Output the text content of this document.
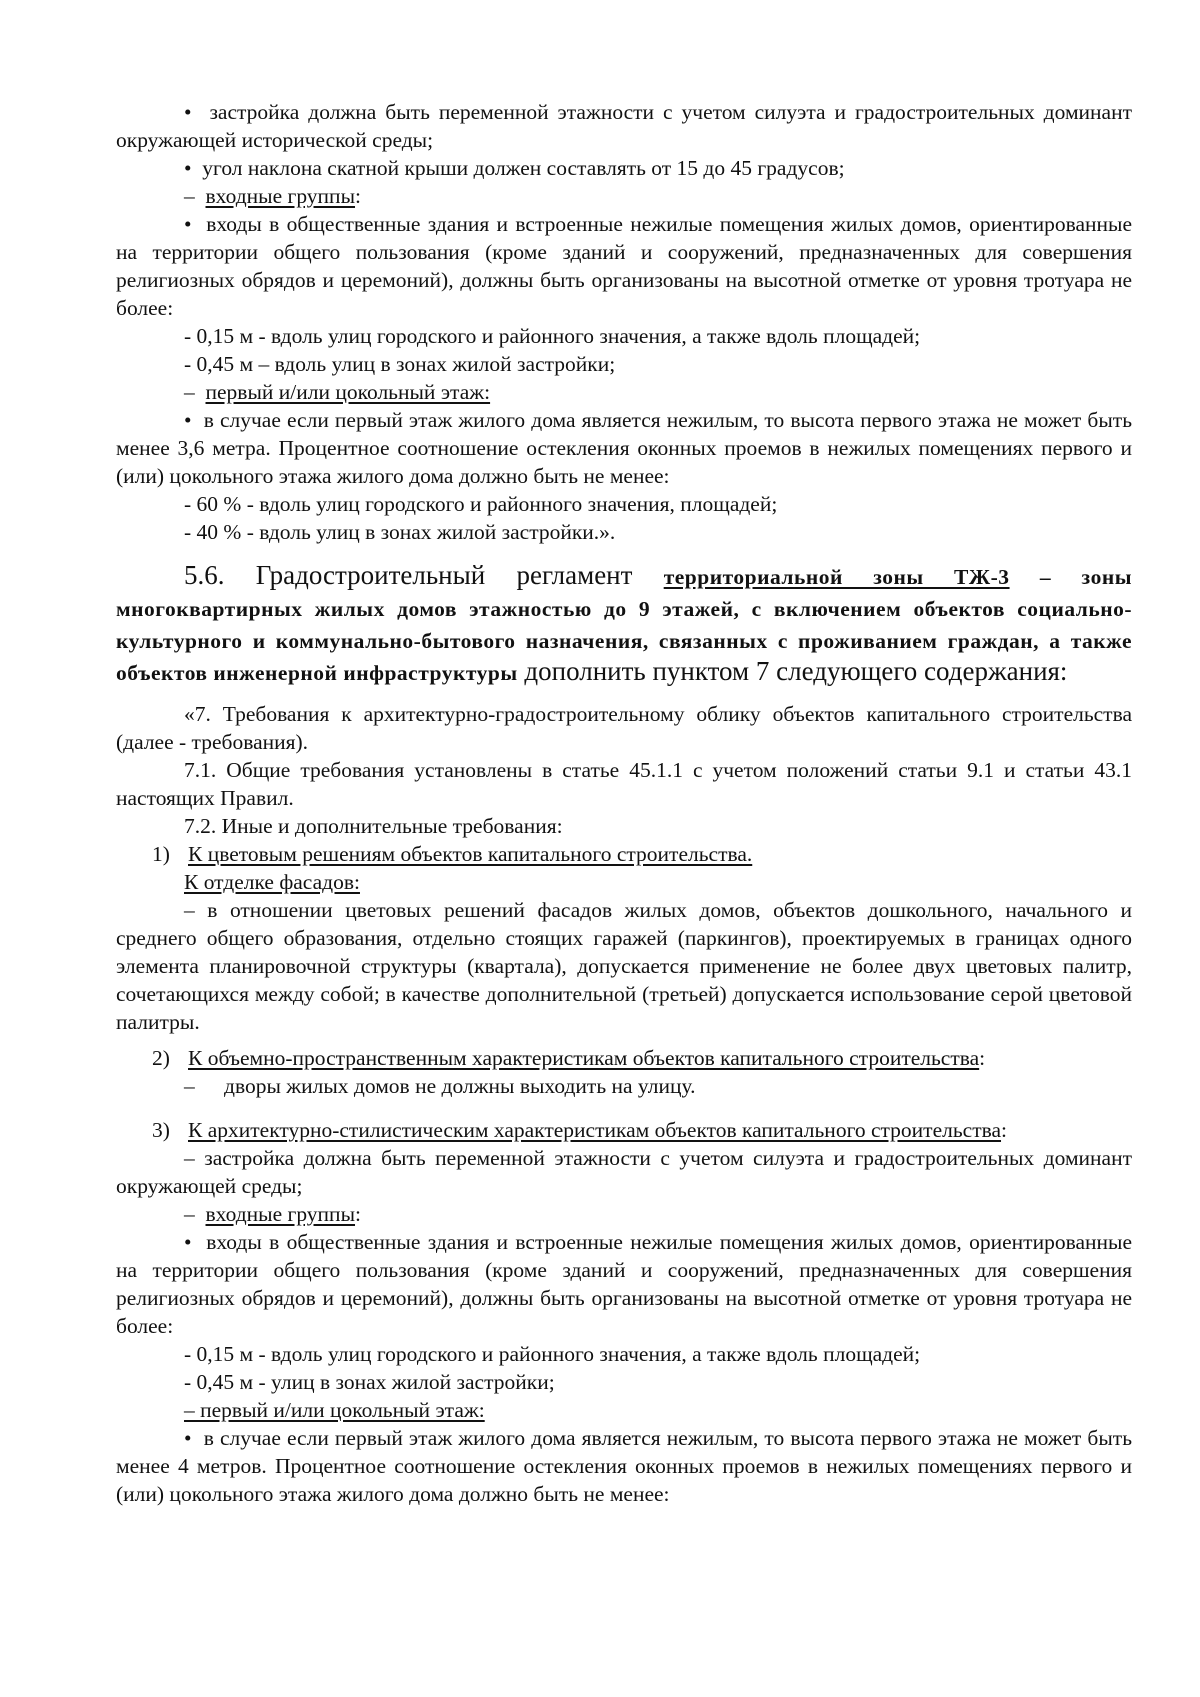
•  застройка должна быть переменной этажности с учетом силуэта и градостроительных доминант окружающей исторической среды;

•  угол наклона скатной крыши должен составлять от 15 до 45 градусов;

– входные группы:

•  входы в общественные здания и встроенные нежилые помещения жилых домов, ориентированные на территории общего пользования (кроме зданий и сооружений, предназначенных для совершения религиозных обрядов и церемоний), должны быть организованы на высотной отметке от уровня тротуара не более:

- 0,15 м - вдоль улиц городского и районного значения, а также вдоль площадей;

- 0,45 м – вдоль улиц в зонах жилой застройки;

– первый и/или цокольный этаж:

•  в случае если первый этаж жилого дома является нежилым, то высота первого этажа не может быть менее 3,6 метра. Процентное соотношение остекления оконных проемов в нежилых помещениях первого и (или) цокольного этажа жилого дома должно быть не менее:

- 60 % - вдоль улиц городского и районного значения, площадей;

- 40 % - вдоль улиц в зонах жилой застройки.».

5.6. Градостроительный регламент территориальной зоны ТЖ-3 – зоны многоквартирных жилых домов этажностью до 9 этажей, с включением объектов социально-культурного и коммунально-бытового назначения, связанных с проживанием граждан, а также объектов инженерной инфраструктуры дополнить пунктом 7 следующего содержания:

«7. Требования к архитектурно-градостроительному облику объектов капитального строительства (далее - требования).

7.1. Общие требования установлены в статье 45.1.1 с учетом положений статьи 9.1 и статьи 43.1 настоящих Правил.

7.2. Иные и дополнительные требования:

1) К цветовым решениям объектов капитального строительства.

К отделке фасадов:

– в отношении цветовых решений фасадов жилых домов, объектов дошкольного, начального и среднего общего образования, отдельно стоящих гаражей (паркингов), проектируемых в границах одного элемента планировочной структуры (квартала), допускается применение не более двух цветовых палитр, сочетающихся между собой; в качестве дополнительной (третьей) допускается использование серой цветовой палитры.

2) К объемно-пространственным характеристикам объектов капитального строительства:

– дворы жилых домов не должны выходить на улицу.

3) К архитектурно-стилистическим характеристикам объектов капитального строительства:

– застройка должна быть переменной этажности с учетом силуэта и градостроительных доминант окружающей среды;

– входные группы:

•  входы в общественные здания и встроенные нежилые помещения жилых домов, ориентированные на территории общего пользования (кроме зданий и сооружений, предназначенных для совершения религиозных обрядов и церемоний), должны быть организованы на высотной отметке от уровня тротуара не более:

- 0,15 м - вдоль улиц городского и районного значения, а также вдоль площадей;

- 0,45 м - улиц в зонах жилой застройки;

– первый и/или цокольный этаж:

•  в случае если первый этаж жилого дома является нежилым, то высота первого этажа не может быть менее 4 метров. Процентное соотношение остекления оконных проемов в нежилых помещениях первого и (или) цокольного этажа жилого дома должно быть не менее:
